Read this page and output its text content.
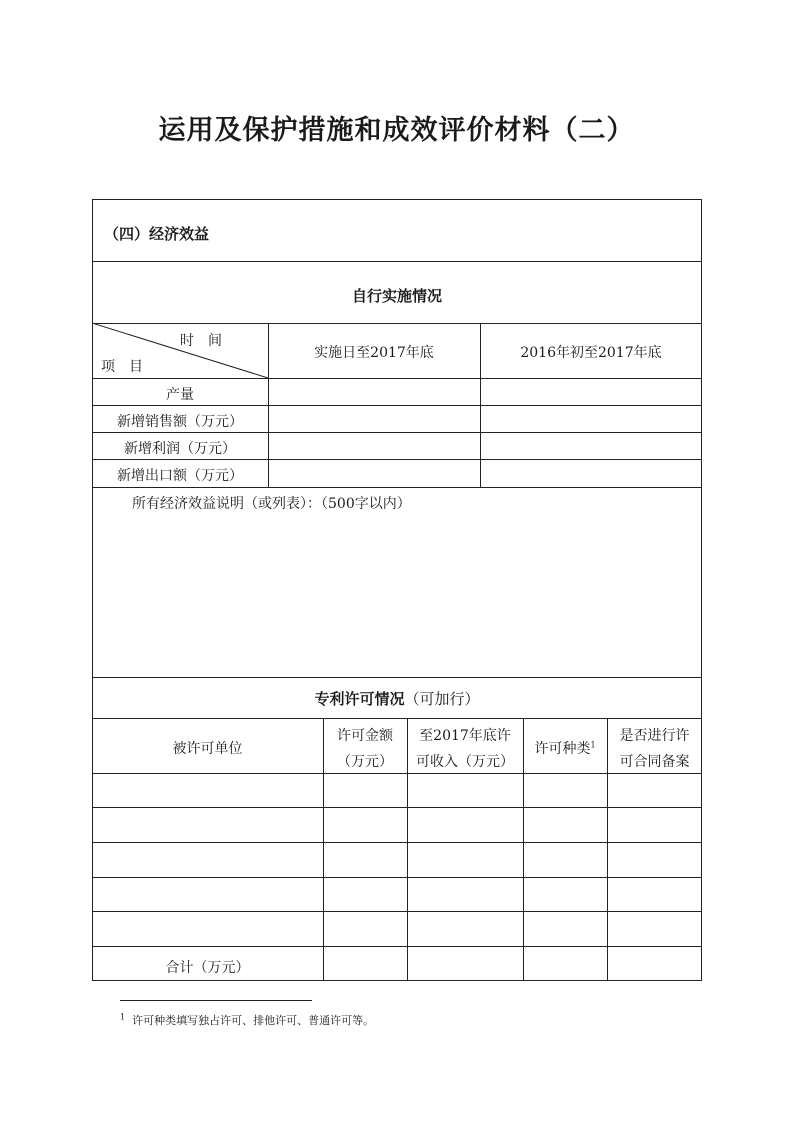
运用及保护措施和成效评价材料（二）
（四）经济效益
自行实施情况
时　间
项　目
实施日至2017年底	2016年初至2017年底
产量
新增销售额（万元）
新增利润（万元）
新增出口额（万元）
所有经济效益说明（或列表）：（500字以内）
专利许可情况（可加行）
被许可单位
许可金额
（万元）
至2017年底许
可收入（万元）
许可种类$^1$
是否进行许
可合同备案
合计（万元）
$^1$ 许可种类填写独占许可、排他许可、普通许可等。
